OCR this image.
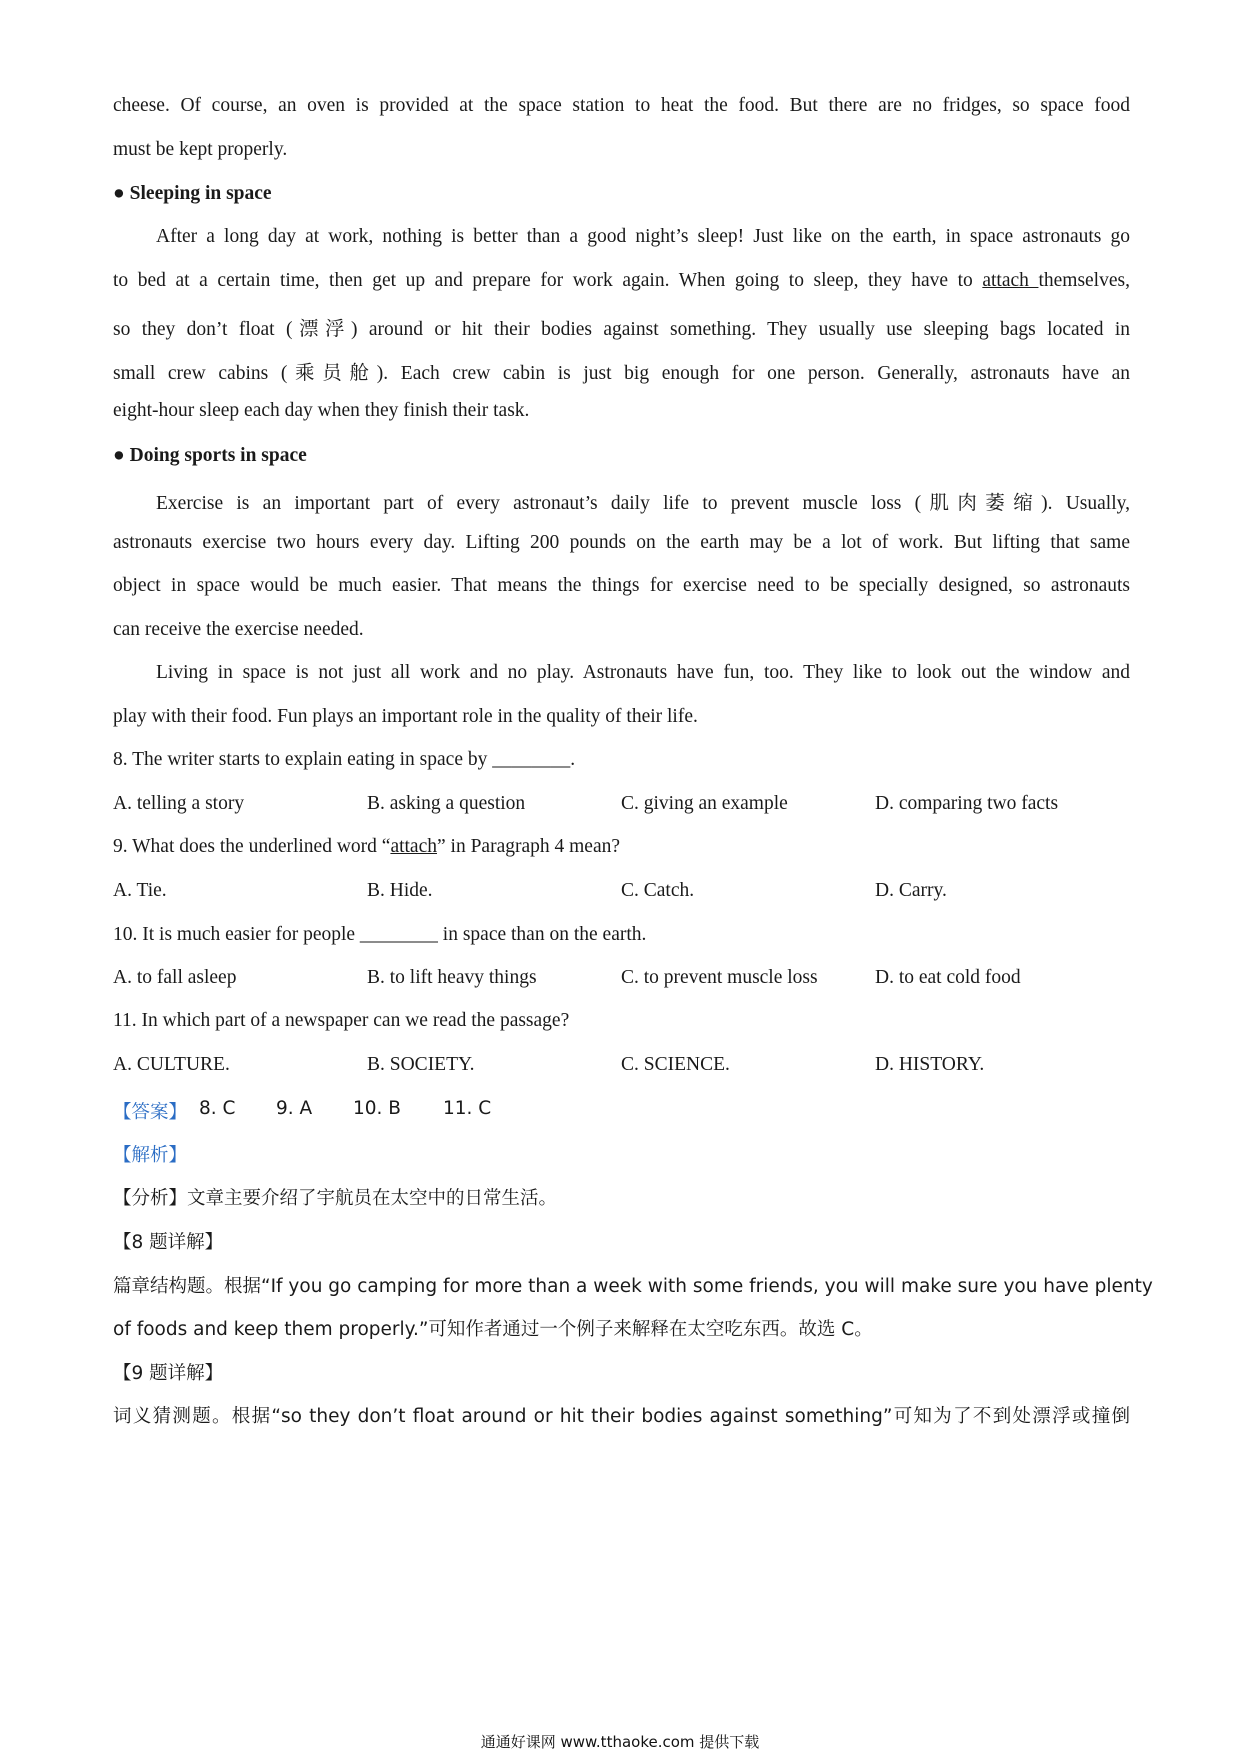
cheese. Of course, an oven is provided at the space station to heat the food. But there are no fridges, so space food
must be kept properly.
● Sleeping in space
After a long day at work, nothing is better than a good night’s sleep! Just like on the earth, in space astronauts go
to bed at a certain time, then get up and prepare for work again. When going to sleep, they have to attach themselves,
so they don’t float (漂浮) around or hit their bodies against something. They usually use sleeping bags located in
small crew cabins (乘员舱). Each crew cabin is just big enough for one person. Generally, astronauts have an
eight-hour sleep each day when they finish their task.
● Doing sports in space
Exercise is an important part of every astronaut’s daily life to prevent muscle loss (肌肉萎缩). Usually,
astronauts exercise two hours every day. Lifting 200 pounds on the earth may be a lot of work. But lifting that same
object in space would be much easier. That means the things for exercise need to be specially designed, so astronauts
can receive the exercise needed.
Living in space is not just all work and no play. Astronauts have fun, too. They like to look out the window and
play with their food. Fun plays an important role in the quality of their life.
8. The writer starts to explain eating in space by ________.
A. telling a story	B. asking a question	C. giving an example	D. comparing two facts
9. What does the underlined word “attach” in Paragraph 4 mean?
A. Tie.	B. Hide.	C. Catch.	D. Carry.
10. It is much easier for people ________ in space than on the earth.
A. to fall asleep	B. to lift heavy things	C. to prevent muscle loss	D. to eat cold food
11. In which part of a newspaper can we read the passage?
A. CULTURE.	B. SOCIETY.	C. SCIENCE.	D. HISTORY.
【答案】 8. C 9. A 10. B 11. C
【解析】
【分析】文章主要介绍了宇航员在太空中的日常生活。
【8 题详解】
篇章结构题。根据“If you go camping for more than a week with some friends, you will make sure you have plenty
of foods and keep them properly.”可知作者通过一个例子来解释在太空吃东西。故选 C。
【9 题详解】
词义猜测题。根据“so they don’t float around or hit their bodies against something”可知为了不到处漂浮或撞倒
通通好课网 www.tthaoke.com 提供下载
